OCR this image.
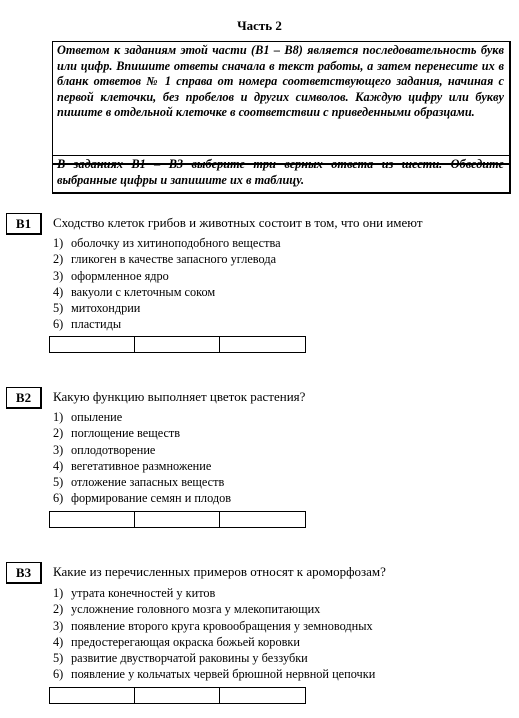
Часть 2
Ответом к заданиям этой части (В1 – В8) является последовательность букв или цифр. Впишите ответы сначала в текст работы, а затем перенесите их в бланк ответов № 1 справа от номера соответствующего задания, начиная с первой клеточки, без пробелов и других символов. Каждую цифру или букву пишите в отдельной клеточке в соответствии с приведенными образцами.
В заданиях В1 – В3 выберите три верных ответа из шести. Обведите выбранные цифры и запишите их в таблицу.
B1	Сходство клеток грибов и животных состоит в том, что они имеют
1) оболочку из хитиноподобного вещества
2) гликоген в качестве запасного углевода
3) оформленное ядро
4) вакуоли с клеточным соком
5) митохондрии
6) пластиды
B2	Какую функцию выполняет цветок растения?
1) опыление
2) поглощение веществ
3) оплодотворение
4) вегетативное размножение
5) отложение запасных веществ
6) формирование семян и плодов
B3	Какие из перечисленных примеров относят к ароморфозам?
1) утрата конечностей у китов
2) усложнение головного мозга у млекопитающих
3) появление второго круга кровообращения у земноводных
4) предостерегающая окраска божьей коровки
5) развитие двустворчатой раковины у беззубки
6) появление у кольчатых червей брюшной нервной цепочки
